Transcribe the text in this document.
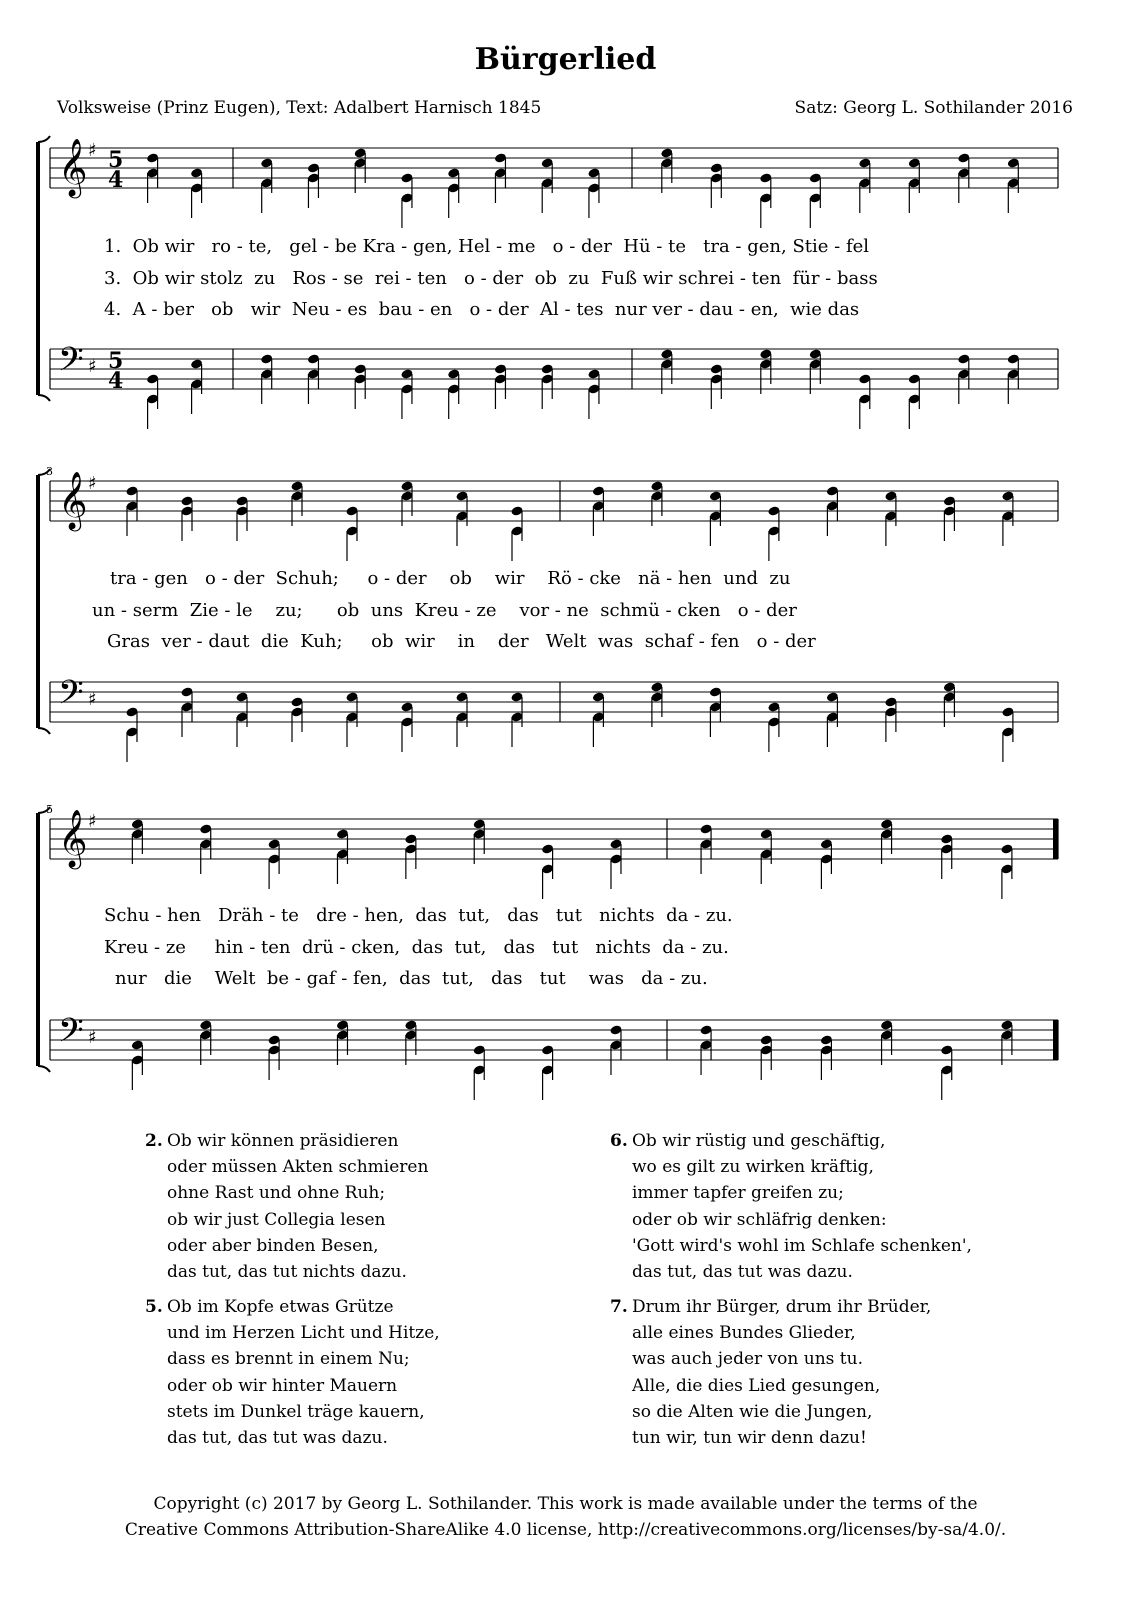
Bürgerlied
Volksweise (Prinz Eugen), Text: Adalbert Harnisch 1845	Satz: Georg L. Sothilander 2016
𝄞 ♯ 5
4
𝄢 ♯ 5
4
𝄞 ♯
𝄢 ♯
𝄞 ♯
𝄢 ♯
3
5
1.  Ob wir   ro - te,   gel - be Kra - gen, Hel - me   o - der  Hü - te   tra - gen, Stie - fel
3.  Ob wir stolz  zu   Ros - se  rei - ten   o - der  ob  zu  Fuß wir schrei - ten  für - bass
4.  A - ber   ob   wir  Neu - es  bau - en   o - der  Al - tes  nur ver - dau - en,  wie das
tra - gen   o - der  Schuh;     o - der    ob    wir    Rö - cke   nä - hen  und  zu
un - serm  Zie - le    zu;      ob  uns  Kreu - ze    vor - ne  schmü - cken   o - der
Gras  ver - daut  die  Kuh;     ob  wir    in    der   Welt  was  schaf - fen   o - der
Schu - hen   Dräh - te   dre - hen,  das  tut,   das   tut   nichts  da - zu.
Kreu - ze     hin - ten  drü - cken,  das  tut,   das   tut   nichts  da - zu.
nur   die    Welt  be - gaf - fen,  das  tut,   das   tut    was   da - zu.
2. Ob wir können präsidieren
oder müssen Akten schmieren
ohne Rast und ohne Ruh;
ob wir just Collegia lesen
oder aber binden Besen,
das tut, das tut nichts dazu.
6. Ob wir rüstig und geschäftig,
wo es gilt zu wirken kräftig,
immer tapfer greifen zu;
oder ob wir schläfrig denken:
'Gott wird's wohl im Schlafe schenken',
das tut, das tut was dazu.
5. Ob im Kopfe etwas Grütze
und im Herzen Licht und Hitze,
dass es brennt in einem Nu;
oder ob wir hinter Mauern
stets im Dunkel träge kauern,
das tut, das tut was dazu.
7. Drum ihr Bürger, drum ihr Brüder,
alle eines Bundes Glieder,
was auch jeder von uns tu.
Alle, die dies Lied gesungen,
so die Alten wie die Jungen,
tun wir, tun wir denn dazu!
Copyright (c) 2017 by Georg L. Sothilander. This work is made available under the terms of the
Creative Commons Attribution-ShareAlike 4.0 license, http://creativecommons.org/licenses/by-sa/4.0/.
